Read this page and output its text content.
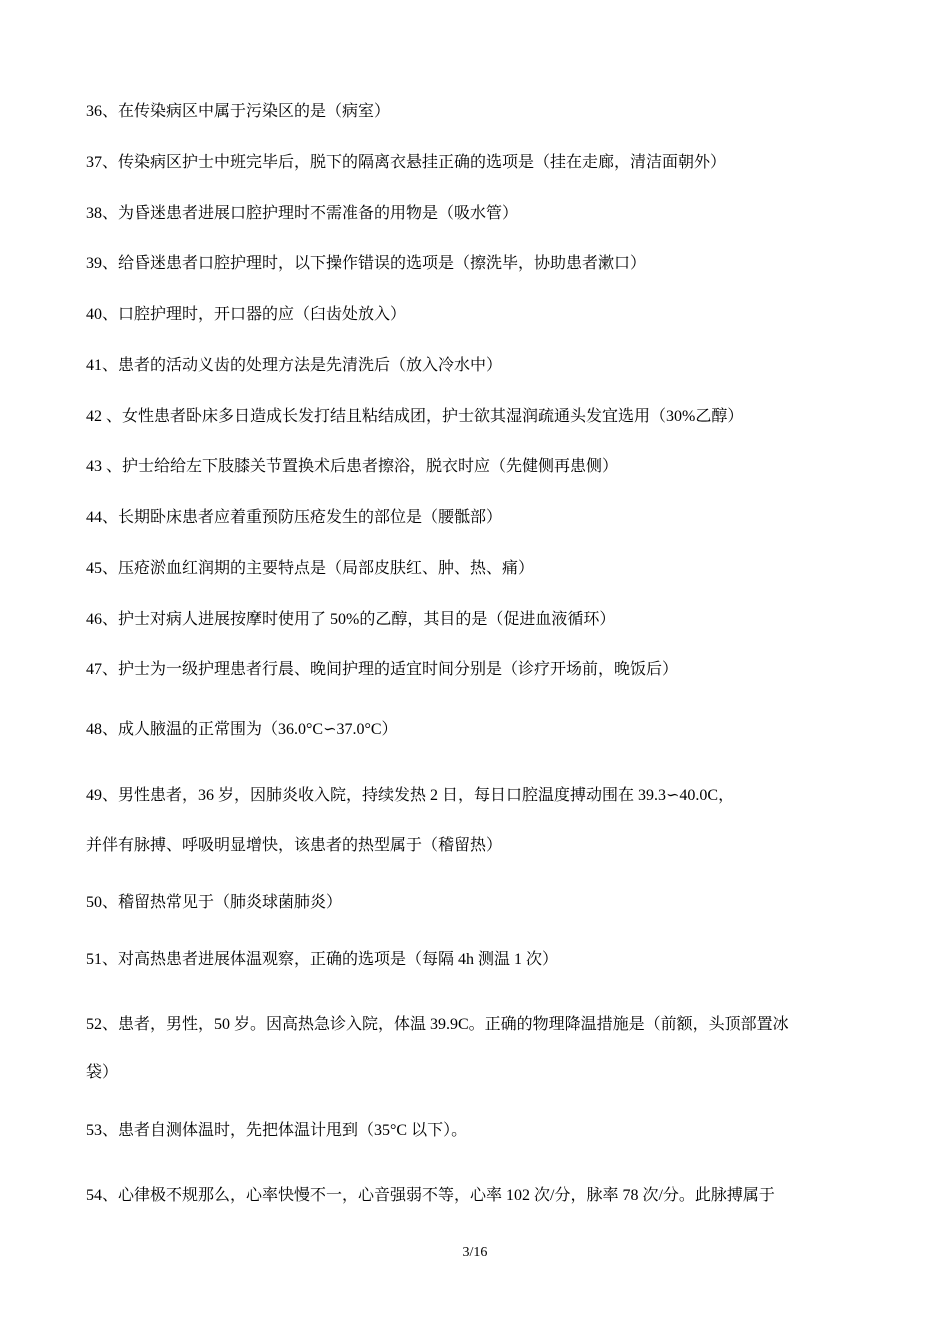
36、在传染病区中属于污染区的是（病室）
37、传染病区护士中班完毕后，脱下的隔离衣悬挂正确的选项是（挂在走廊，清洁面朝外）
38、为昏迷患者进展口腔护理时不需准备的用物是（吸水管）
39、给昏迷患者口腔护理时，以下操作错误的选项是（擦洗毕，协助患者漱口）
40、口腔护理时，开口器的应（臼齿处放入）
41、患者的活动义齿的处理方法是先清洗后（放入冷水中）
42 、女性患者卧床多日造成长发打结且粘结成团，护士欲其湿润疏通头发宜选用（30%乙醇）
43 、护士给给左下肢膝关节置换术后患者擦浴，脱衣时应（先健侧再患侧）
44、长期卧床患者应着重预防压疮发生的部位是（腰骶部）
45、压疮淤血红润期的主要特点是（局部皮肤红、肿、热、痛）
46、护士对病人进展按摩时使用了 50%的乙醇，其目的是（促进血液循环）
47、护士为一级护理患者行晨、晚间护理的适宜时间分别是（诊疗开场前，晚饭后）
48、成人腋温的正常围为（36.0°C∽37.0°C）
49、男性患者，36 岁，因肺炎收入院，持续发热 2 日，每日口腔温度搏动围在 39.3∽40.0C，
并伴有脉搏、呼吸明显增快，该患者的热型属于（稽留热）
50、稽留热常见于（肺炎球菌肺炎）
51、对高热患者进展体温观察，正确的选项是（每隔 4h 测温 1 次）
52、患者，男性，50 岁。因高热急诊入院，体温 39.9C。正确的物理降温措施是（前额，头顶部置冰
袋）
53、患者自测体温时，先把体温计甩到（35°C 以下）。
54、心律极不规那么，心率快慢不一，心音强弱不等，心率 102 次/分，脉率 78 次/分。此脉搏属于
3/16
